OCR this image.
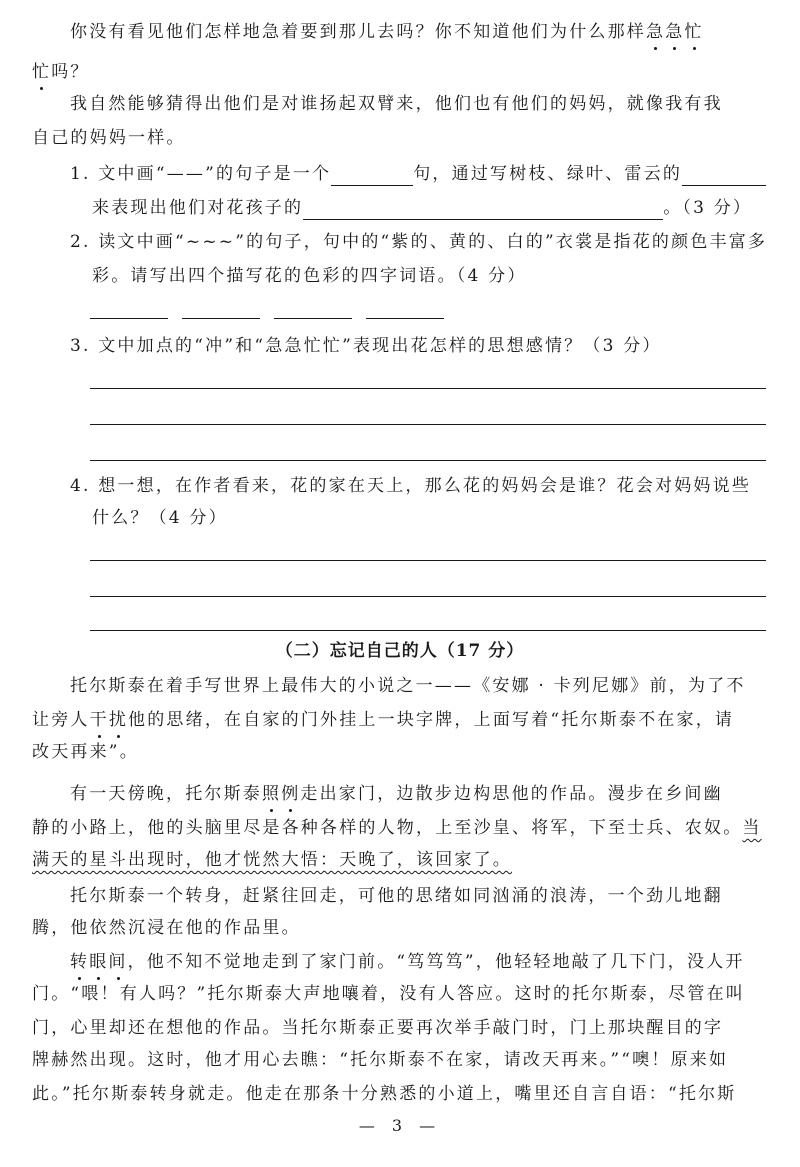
你没有看见他们怎样地急着要到那儿去吗？你不知道他们为什么那样急急忙
忙吗？
我自然能够猜得出他们是对谁扬起双臂来，他们也有他们的妈妈，就像我有我
自己的妈妈一样。
1. 文中画“——”的句子是一个	句，通过写树枝、绿叶、雷云的
来表现出他们对花孩子的	。（3 分）
2. 读文中画“~~~”的句子，句中的“紫的、黄的、白的”衣裳是指花的颜色丰富多
彩。请写出四个描写花的色彩的四字词语。（4 分）
3. 文中加点的“冲”和“急急忙忙”表现出花怎样的思想感情？（3 分）
4. 想一想，在作者看来，花的家在天上，那么花的妈妈会是谁？花会对妈妈说些
什么？（4 分）
（二）忘记自己的人（17 分）
托尔斯泰在着手写世界上最伟大的小说之一——《安娜 · 卡列尼娜》前，为了不
让旁人干扰他的思绪，在自家的门外挂上一块字牌，上面写着“托尔斯泰不在家，请
改天再来”。
有一天傍晚，托尔斯泰照例走出家门，边散步边构思他的作品。漫步在乡间幽
静的小路上，他的头脑里尽是各种各样的人物，上至沙皇、将军，下至士兵、农奴。当
满天的星斗出现时，他才恍然大悟：天晚了，该回家了。
托尔斯泰一个转身，赶紧往回走，可他的思绪如同汹涌的浪涛，一个劲儿地翻
腾，他依然沉浸在他的作品里。
转眼间，他不知不觉地走到了家门前。“笃笃笃”，他轻轻地敲了几下门，没人开
门。“喂！有人吗？”托尔斯泰大声地嚷着，没有人答应。这时的托尔斯泰，尽管在叫
门，心里却还在想他的作品。当托尔斯泰正要再次举手敲门时，门上那块醒目的字
牌赫然出现。这时，他才用心去瞧：“托尔斯泰不在家，请改天再来。”“噢！原来如
此。”托尔斯泰转身就走。他走在那条十分熟悉的小道上，嘴里还自言自语：“托尔斯
— 3 —
